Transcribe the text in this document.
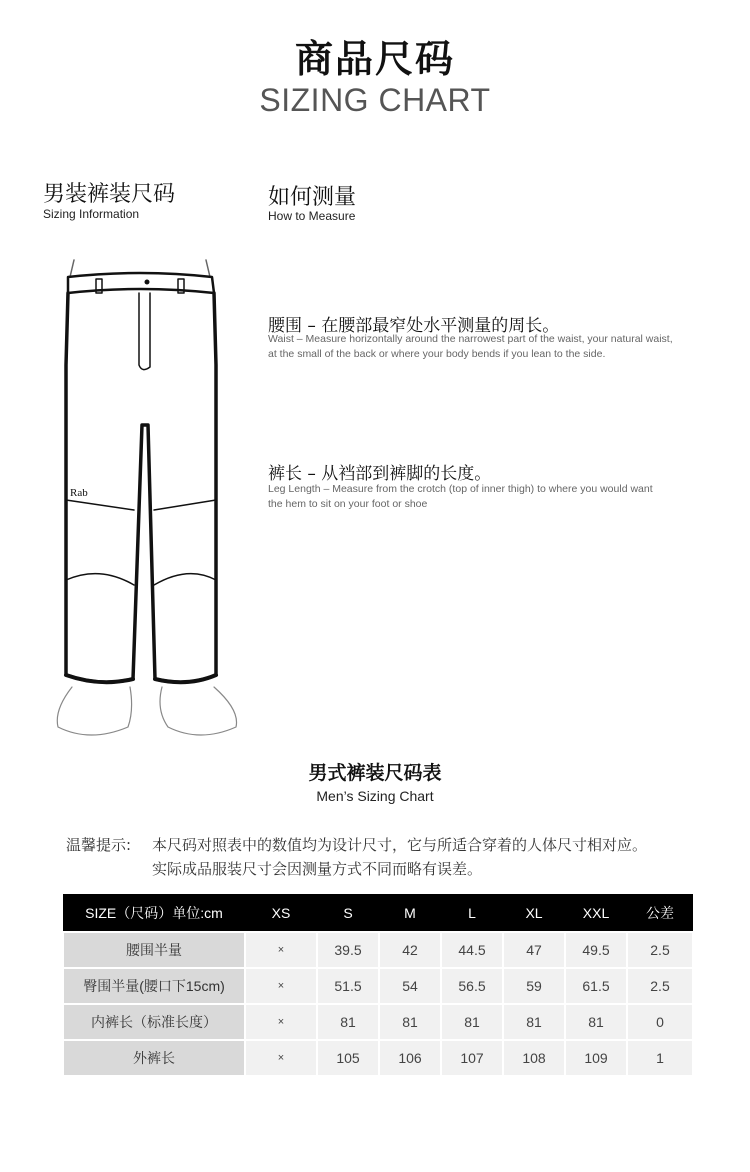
商品尺码
SIZING CHART
男装裤装尺码
Sizing Information
如何测量
How to Measure
Rab
腰围 – 在腰部最窄处水平测量的周长。
Waist – Measure horizontally around the narrowest part of the waist, your natural waist,
at the small of the back or where your body bends if you lean to the side.
裤长 – 从裆部到裤脚的长度。
Leg Length – Measure from the crotch (top of inner thigh) to where you would want
the hem to sit on your foot or shoe
男式裤装尺码表
Men’s Sizing Chart
温馨提示: 本尺码对照表中的数值均为设计尺寸，它与所适合穿着的人体尺寸相对应。
实际成品服装尺寸会因测量方式不同而略有误差。
SIZE（尺码）单位:cm	XS	S	M	L	XL	XXL	公差
腰围半量	×	39.5	42	44.5	47	49.5	2.5
臀围半量(腰口下15cm)	×	51.5	54	56.5	59	61.5	2.5
内裤长（标准长度）	×	81	81	81	81	81	0
外裤长	×	105	106	107	108	109	1
